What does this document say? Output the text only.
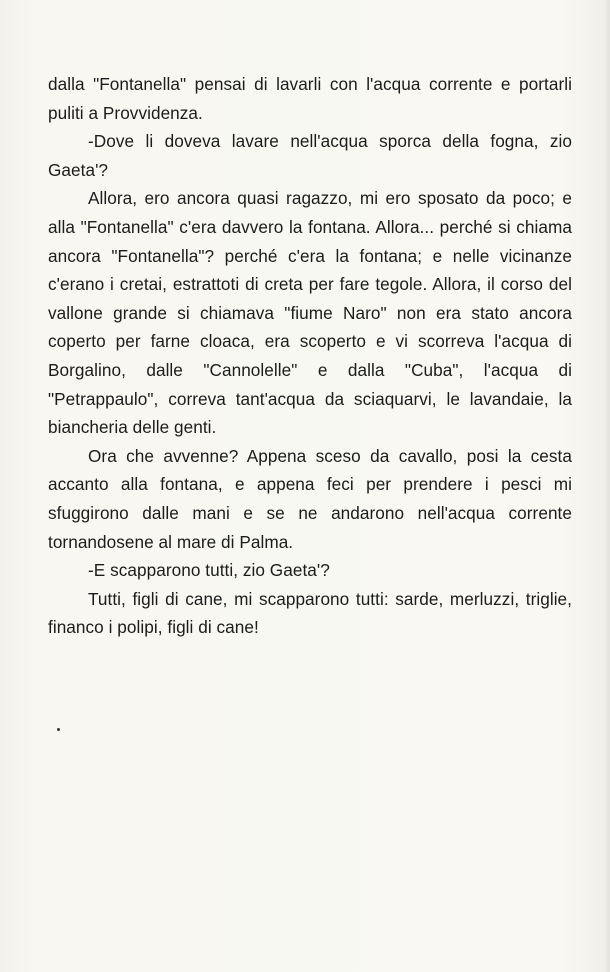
dalla "Fontanella" pensai di lavarli con l'acqua corrente e portarli puliti a Provvidenza.

-Dove li doveva lavare nell'acqua sporca della fogna, zio Gaeta'?

Allora, ero ancora quasi ragazzo, mi ero sposato da poco; e alla "Fontanella" c'era davvero la fontana. Allora... perché si chiama ancora "Fontanella"? perché c'era la fontana; e nelle vicinanze c'erano i cretai, estrattoti di creta per fare tegole. Allora, il corso del vallone grande si chiamava "fiume Naro" non era stato ancora coperto per farne cloaca, era scoperto e vi scorreva l'acqua di Borgalino, dalle "Cannolelle" e dalla "Cuba", l'acqua di "Petrappaulo", correva tant'acqua da sciaquarvi, le lavandaie, la biancheria delle genti.

Ora che avvenne? Appena sceso da cavallo, posi la cesta accanto alla fontana, e appena feci per prendere i pesci mi sfuggirono dalle mani e se ne andarono nell'acqua corrente tornandosene al mare di Palma.

-E scapparono tutti, zio Gaeta'?

Tutti, figli di cane, mi scapparono tutti: sarde, merluzzi, triglie, financo i polipi, figli di cane!
